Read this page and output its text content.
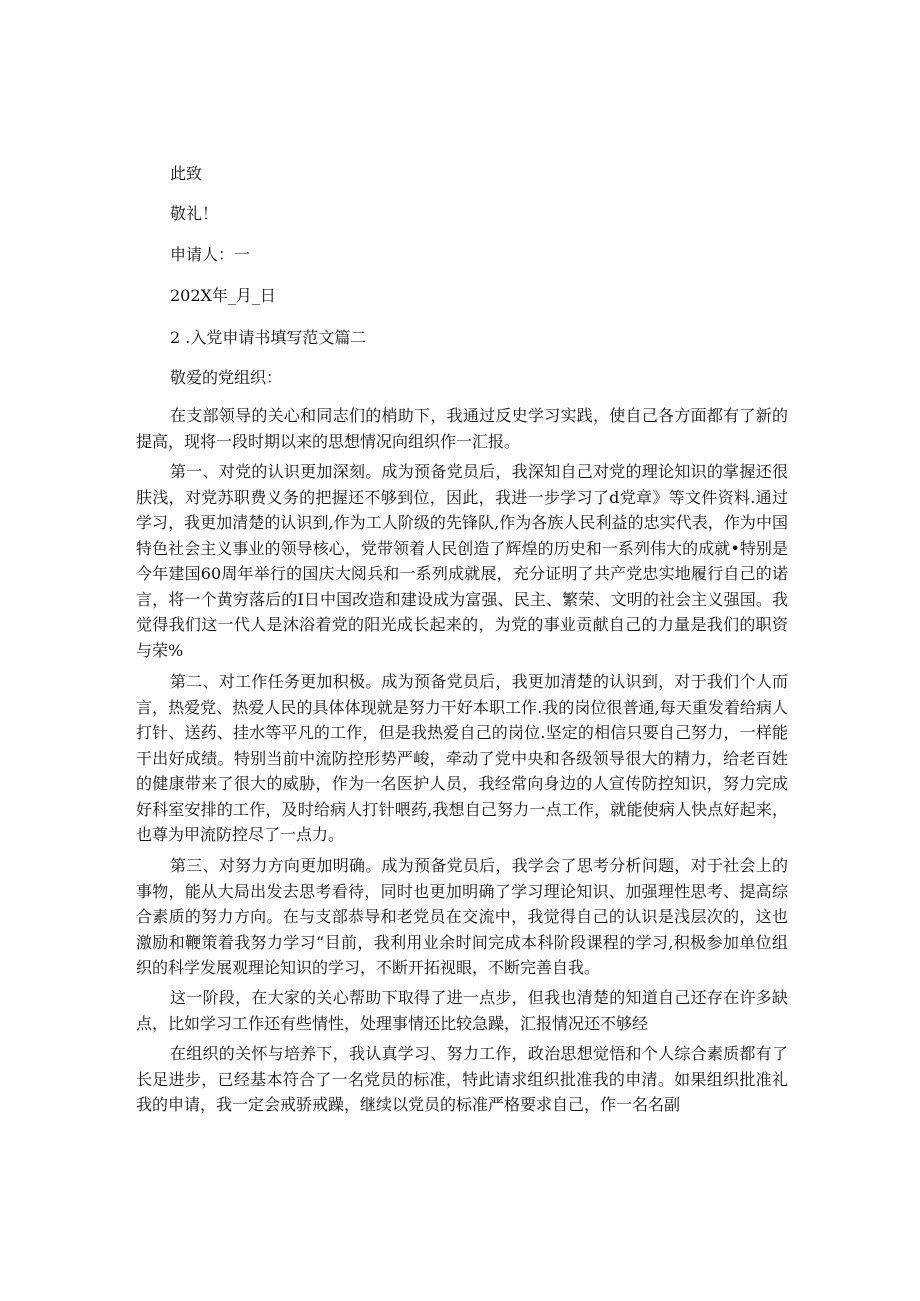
此致
敬礼！
申请人：一
202X年_月_日
2 .入党申请书填写范文篇二
敬爱的党组织：

在支部领导的关心和同志们的梢助下，我通过反史学习实践，使自己各方面都有了新的提高，现将一段时期以来的思想情况向组织作一汇报。

第一、对党的认识更加深刻。成为预备党员后，我深知自己对党的理论知识的掌握还很肤浅，对党苏职费义务的把握还不够到位，因此，我进一步学习了d党章》等文件资料.通过学习，我更加清楚的认识到,作为工人阶级的先锋队,作为各族人民利益的忠实代表，作为中国特色社会主义事业的领导核心，党带领着人民创造了辉煌的历史和一系列伟大的成就•特别是今年建国60周年举行的国庆大阅兵和一系列成就展，充分证明了共产党忠实地履行自己的诺言，将一个黄穷落后的I日中国改造和建设成为富强、民主、繁荣、文明的社会主义强国。我觉得我们这一代人是沐浴着党的阳光成长起来的，为党的事业贡献自己的力量是我们的职资与荣%

第二、对工作任务更加积极。成为预备党员后，我更加清楚的认识到，对于我们个人而言，热爱党、热爱人民的具体体现就是努力干好本职工作.我的岗位很普通,每天重发着给病人打针、送药、挂水等平凡的工作，但是我热爱自己的岗位.坚定的相信只要自己努力，一样能干出好成绩。特别当前中流防控形势严峻，牵动了党中央和各级领导很大的精力，给老百姓的健康带来了很大的威胁，作为一名医护人员，我经常向身边的人宣传防控知识，努力完成好科室安排的工作，及时给病人打针喂药,我想自己努力一点工作，就能使病人快点好起来，也尊为甲流防控尽了一点力。

第三、对努力方向更加明确。成为预备党员后，我学会了思考分析问题，对于社会上的事物，能从大局出发去思考看待，同时也更加明确了学习理论知识、加强理性思考、提高综合素质的努力方向。在与支部恭导和老党员在交流中，我觉得自己的认识是浅层次的，这也激励和鞭策着我努力学习“目前，我利用业余时间完成本科阶段课程的学习,积极参加单位组织的科学发展观理论知识的学习，不断开拓视眼，不断完善自我。

这一阶段，在大家的关心帮助下取得了进一点步，但我也清楚的知道自己还存在许多缺点，比如学习工作还有些情性，处理事情还比较急躁，汇报情况还不够经

在组织的关怀与培养下，我认真学习、努力工作，政治思想觉悟和个人综合素质都有了长足进步，已经基本符合了一名党员的标准，特此请求组织批准我的申清。如果组织批准礼我的申请，我一定会戒骄戒躁，继续以党员的标准严格要求自己，作一名名副
